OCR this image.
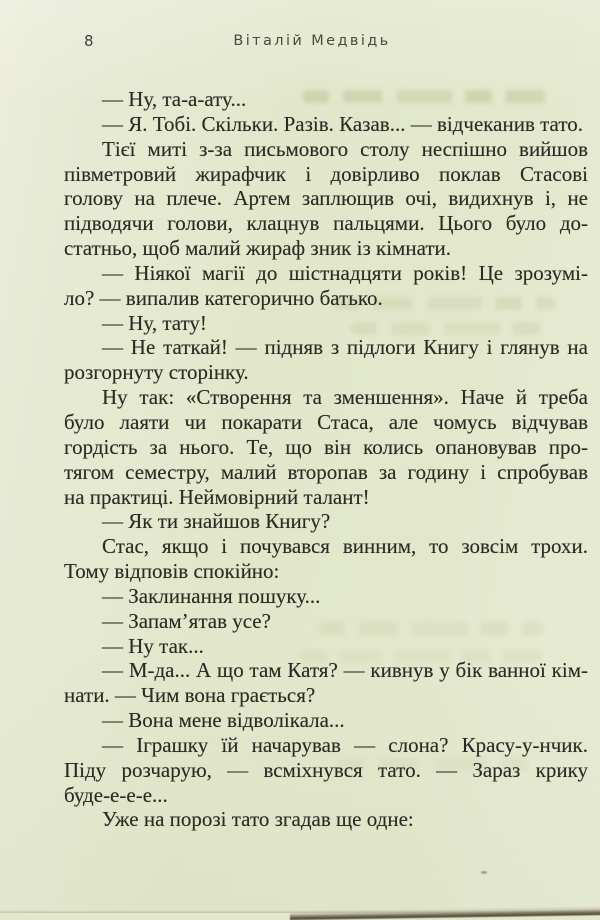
8	Віталій Медвідь
— Ну, та-а-ату...
— Я. Тобі. Скільки. Разів. Казав... — відчеканив тато.
Тієї миті з-за письмового столу неспішно вийшов
півметровий жирафчик і довірливо поклав Стасові
голову на плече. Артем заплющив очі, видихнув і, не
підводячи голови, клацнув пальцями. Цього було до-
статньо, щоб малий жираф зник із кімнати.
— Ніякої магії до шістнадцяти років! Це зрозумі-
ло? — випалив категорично батько.
— Ну, тату!
— Не таткай! — підняв з підлоги Книгу і глянув на
розгорнуту сторінку.
Ну так: «Створення та зменшення». Наче й треба
було лаяти чи покарати Стаса, але чомусь відчував
гордість за нього. Те, що він колись опановував про-
тягом семестру, малий второпав за годину і спробував
на практиці. Неймовірний талант!
— Як ти знайшов Книгу?
Стас, якщо і почувався винним, то зовсім трохи.
Тому відповів спокійно:
— Заклинання пошуку...
— Запам’ятав усе?
— Ну так...
— М-да... А що там Катя? — кивнув у бік ванної кім-
нати. — Чим вона грається?
— Вона мене відволікала...
— Іграшку їй начарував — слона? Красу-у-нчик.
Піду розчарую, — всміхнувся тато. — Зараз крику
буде-е-е-е...
Уже на порозі тато згадав ще одне:
